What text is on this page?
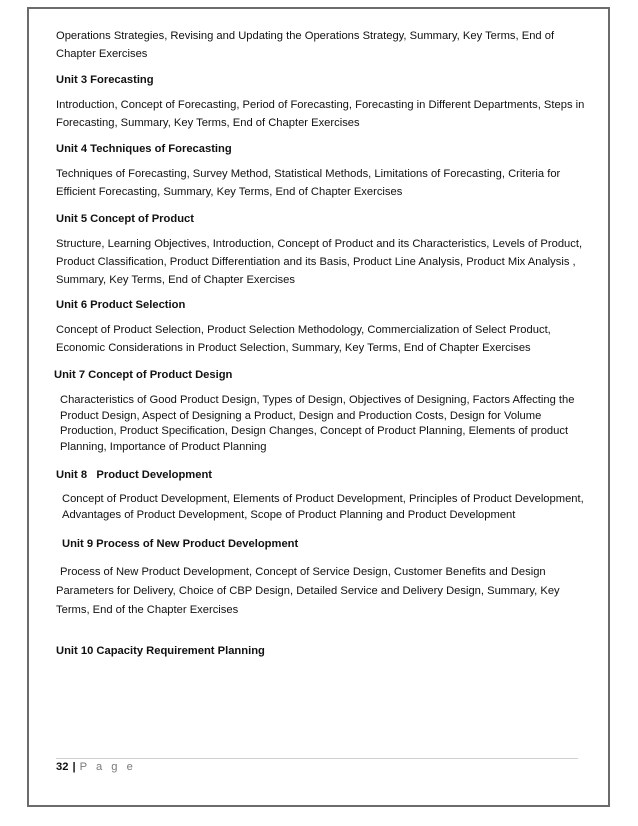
Operations Strategies, Revising and Updating the Operations Strategy, Summary, Key Terms, End of Chapter Exercises

Unit 3 Forecasting

Introduction, Concept of Forecasting, Period of Forecasting, Forecasting in Different Departments, Steps in Forecasting, Summary, Key Terms, End of Chapter Exercises

Unit 4 Techniques of Forecasting

Techniques of Forecasting, Survey Method, Statistical Methods, Limitations of Forecasting, Criteria for Efficient Forecasting, Summary, Key Terms, End of Chapter Exercises

Unit 5 Concept of Product

Structure, Learning Objectives, Introduction, Concept of Product and its Characteristics, Levels of Product, Product Classification, Product Differentiation and its Basis, Product Line Analysis, Product Mix Analysis , Summary, Key Terms, End of Chapter Exercises

Unit 6 Product Selection

Concept of Product Selection, Product Selection Methodology, Commercialization of Select Product, Economic Considerations in Product Selection, Summary, Key Terms, End of Chapter Exercises

Unit 7 Concept of Product Design

Characteristics of Good Product Design, Types of Design, Objectives of Designing, Factors Affecting the Product Design, Aspect of Designing a Product, Design and Production Costs, Design for Volume Production, Product Specification, Design Changes, Concept of Product Planning, Elements of product Planning, Importance of Product Planning

Unit 8   Product Development

Concept of Product Development, Elements of Product Development, Principles of Product Development, Advantages of Product Development, Scope of Product Planning and Product Development

Unit 9 Process of New Product Development

Process of New Product Development, Concept of Service Design, Customer Benefits and Design Parameters for Delivery, Choice of CBP Design, Detailed Service and Delivery Design, Summary, Key Terms, End of the Chapter Exercises

Unit 10 Capacity Requirement Planning

32 | P a g e
